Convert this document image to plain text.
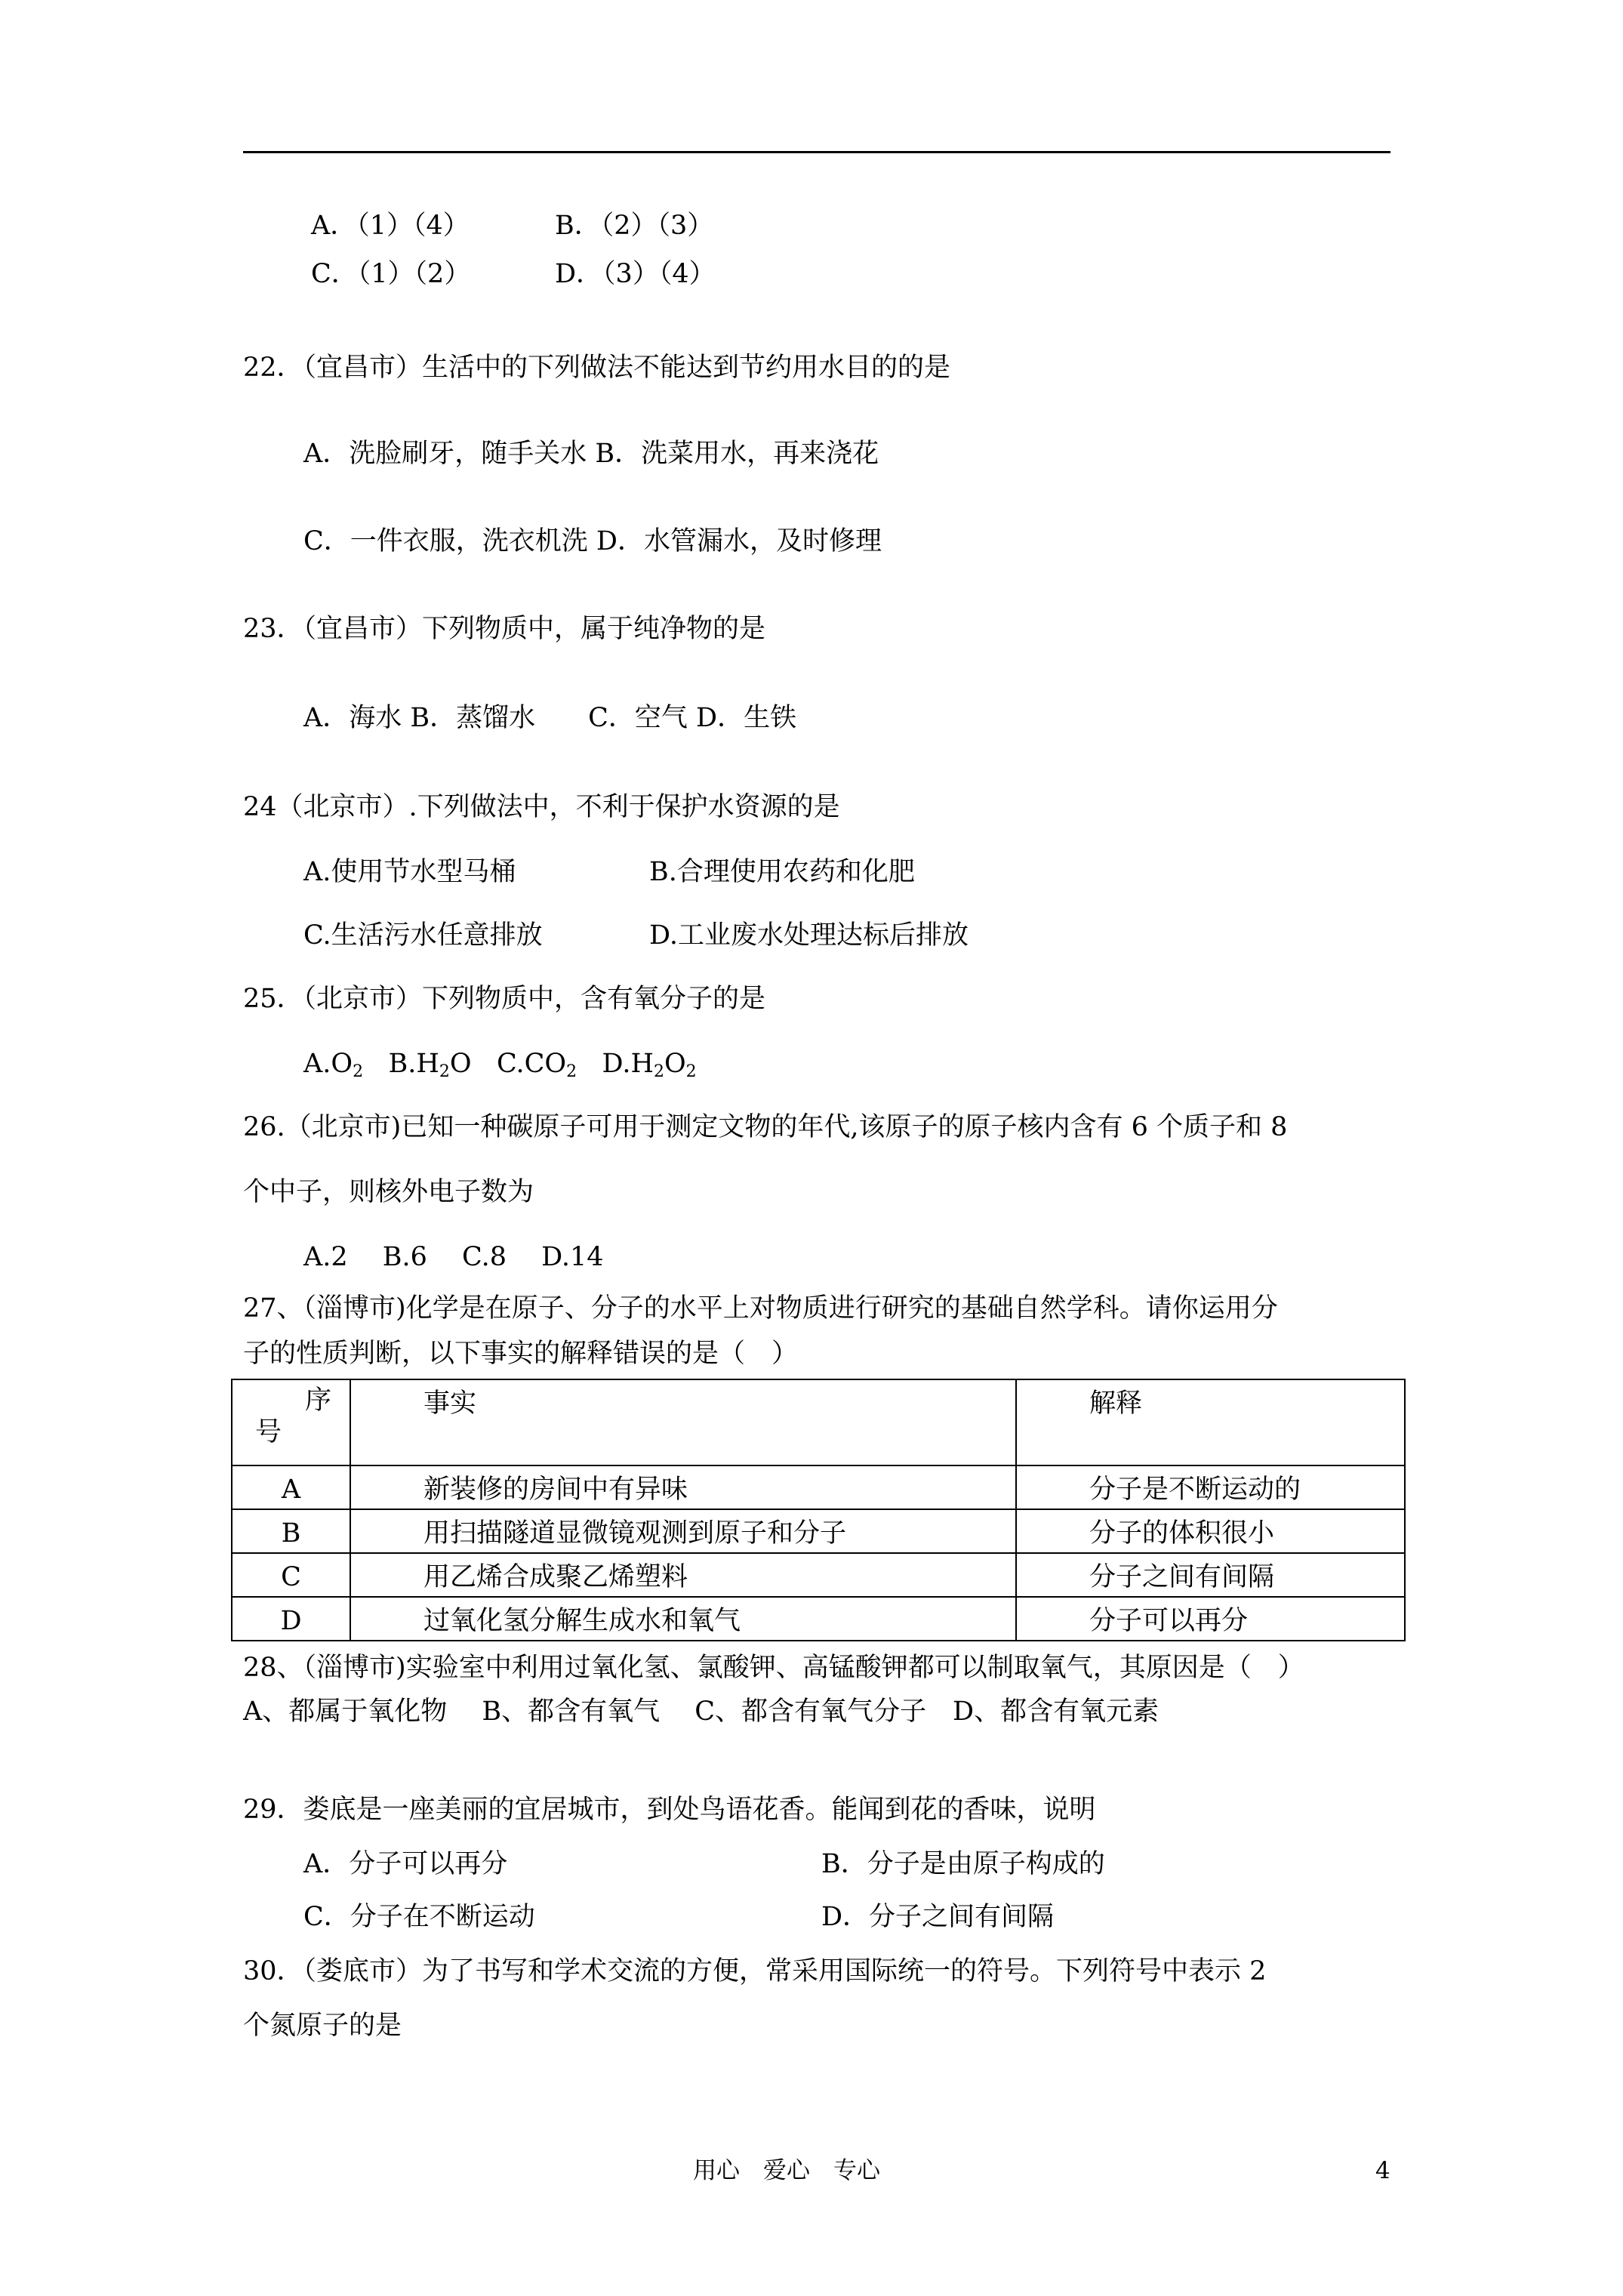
A．（1）（4）	B．（2）（3）
C．（1）（2）	D．（3）（4）
22．（宜昌市）生活中的下列做法不能达到节约用水目的的是
A．洗脸刷牙，随手关水 B．洗菜用水，再来浇花
C．一件衣服，洗衣机洗 D．水管漏水，及时修理
23．（宜昌市）下列物质中，属于纯净物的是
A．海水 B．蒸馏水　　C．空气 D．生铁
24（北京市）.下列做法中，不利于保护水资源的是
A.使用节水型马桶	B.合理使用农药和化肥
C.生活污水任意排放	D.工业废水处理达标后排放
25．（北京市）下列物质中，含有氧分子的是
$A.O_2$ $B.H_2O$ $C.CO_2$ $D.H_2O_2$
26.（北京市)已知一种碳原子可用于测定文物的年代,该原子的原子核内含有 6 个质子和 8
个中子，则核外电子数为
A.2　 B.6　 C.8　 D.14
27、（淄博市)化学是在原子、分子的水平上对物质进行研究的基础自然学科。请你运用分
子的性质判断，以下事实的解释错误的是（　）
序
号	事实	解释

A	新装修的房间中有异味	分子是不断运动的

B	用扫描隧道显微镜观测到原子和分子	分子的体积很小

C	用乙烯合成聚乙烯塑料	分子之间有间隔

D	过氧化氢分解生成水和氧气	分子可以再分
28、（淄博市)实验室中利用过氧化氢、氯酸钾、高锰酸钾都可以制取氧气，其原因是（　）
A、都属于氧化物　 B、都含有氧气　 C、都含有氧气分子　D、都含有氧元素
29．娄底是一座美丽的宜居城市，到处鸟语花香。能闻到花的香味，说明
A．分子可以再分	B．分子是由原子构成的
C．分子在不断运动	D．分子之间有间隔
30．（娄底市）为了书写和学术交流的方便，常采用国际统一的符号。下列符号中表示 2
个氮原子的是
用心　爱心　专心	4
